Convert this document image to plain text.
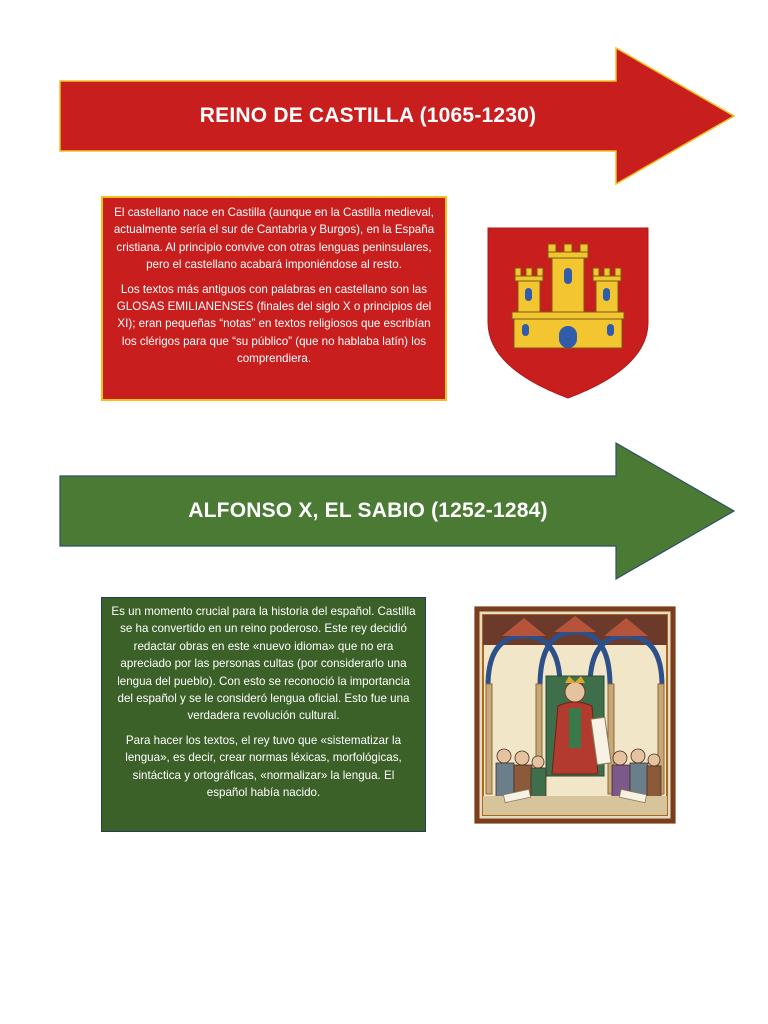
REINO DE CASTILLA (1065-1230)

El castellano nace en Castilla (aunque en la Castilla medieval, actualmente sería el sur de Cantabria y Burgos), en la España cristiana. Al principio convive con otras lenguas peninsulares, pero el castellano acabará imponiéndose al resto.

Los textos más antiguos con palabras en castellano son las GLOSAS EMILIANENSES (finales del siglo X o principios del XI); eran pequeñas “notas” en textos religiosos que escribían los clérigos para que “su público” (que no hablaba latín) los comprendiera.

ALFONSO X, EL SABIO (1252-1284)

Es un momento crucial para la historia del español. Castilla se ha convertido en un reino poderoso. Este rey decidió redactar obras en este «nuevo idioma» que no era apreciado por las personas cultas (por considerarlo una lengua del pueblo). Con esto se reconoció la importancia del español y se le consideró lengua oficial. Esto fue una verdadera revolución cultural.

Para hacer los textos, el rey tuvo que «sistematizar la lengua», es decir, crear normas léxicas, morfológicas, sintáctica y ortográficas, «normalizar» la lengua. El español había nacido.
